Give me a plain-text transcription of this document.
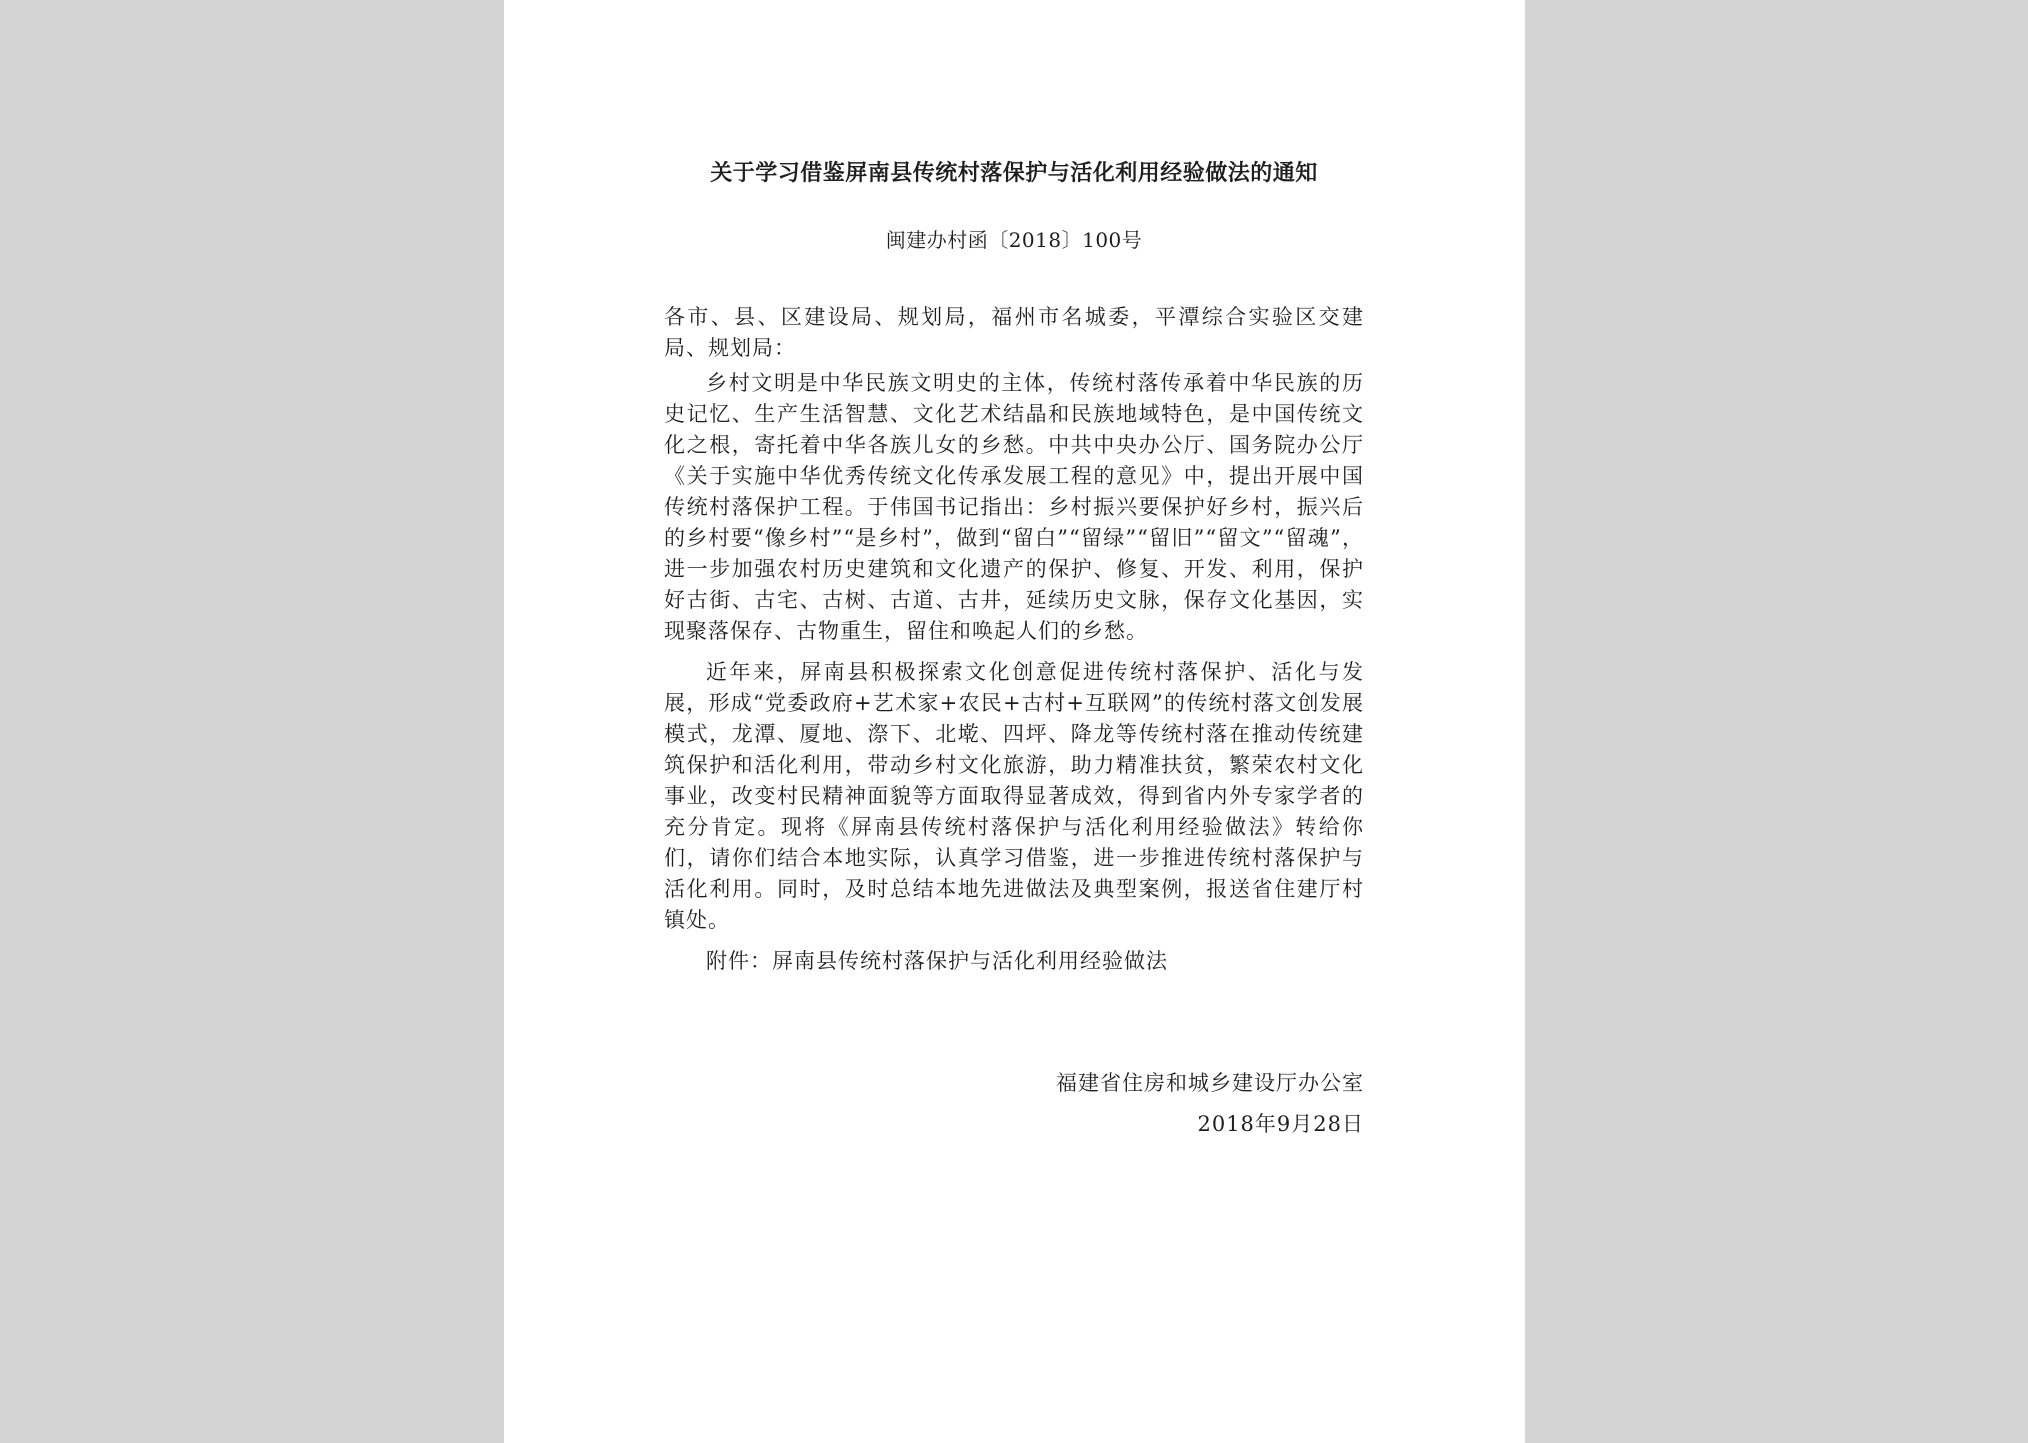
关于学习借鉴屏南县传统村落保护与活化利用经验做法的通知
闽建办村函〔2018〕100号

各市、县、区建设局、规划局，福州市名城委，平潭综合实验区交建局、规划局：

乡村文明是中华民族文明史的主体，传统村落传承着中华民族的历史记忆、生产生活智慧、文化艺术结晶和民族地域特色，是中国传统文化之根，寄托着中华各族儿女的乡愁。中共中央办公厅、国务院办公厅《关于实施中华优秀传统文化传承发展工程的意见》中，提出开展中国传统村落保护工程。于伟国书记指出：乡村振兴要保护好乡村，振兴后的乡村要“像乡村”“是乡村”，做到“留白”“留绿”“留旧”“留文”“留魂”，进一步加强农村历史建筑和文化遗产的保护、修复、开发、利用，保护好古街、古宅、古树、古道、古井，延续历史文脉，保存文化基因，实现聚落保存、古物重生，留住和唤起人们的乡愁。

近年来，屏南县积极探索文化创意促进传统村落保护、活化与发展，形成“党委政府+艺术家+农民+古村+互联网”的传统村落文创发展模式，龙潭、厦地、漈下、北墘、四坪、降龙等传统村落在推动传统建筑保护和活化利用，带动乡村文化旅游，助力精准扶贫，繁荣农村文化事业，改变村民精神面貌等方面取得显著成效，得到省内外专家学者的充分肯定。现将《屏南县传统村落保护与活化利用经验做法》转给你们，请你们结合本地实际，认真学习借鉴，进一步推进传统村落保护与活化利用。同时，及时总结本地先进做法及典型案例，报送省住建厅村镇处。

附件：屏南县传统村落保护与活化利用经验做法

福建省住房和城乡建设厅办公室
2018年9月28日
